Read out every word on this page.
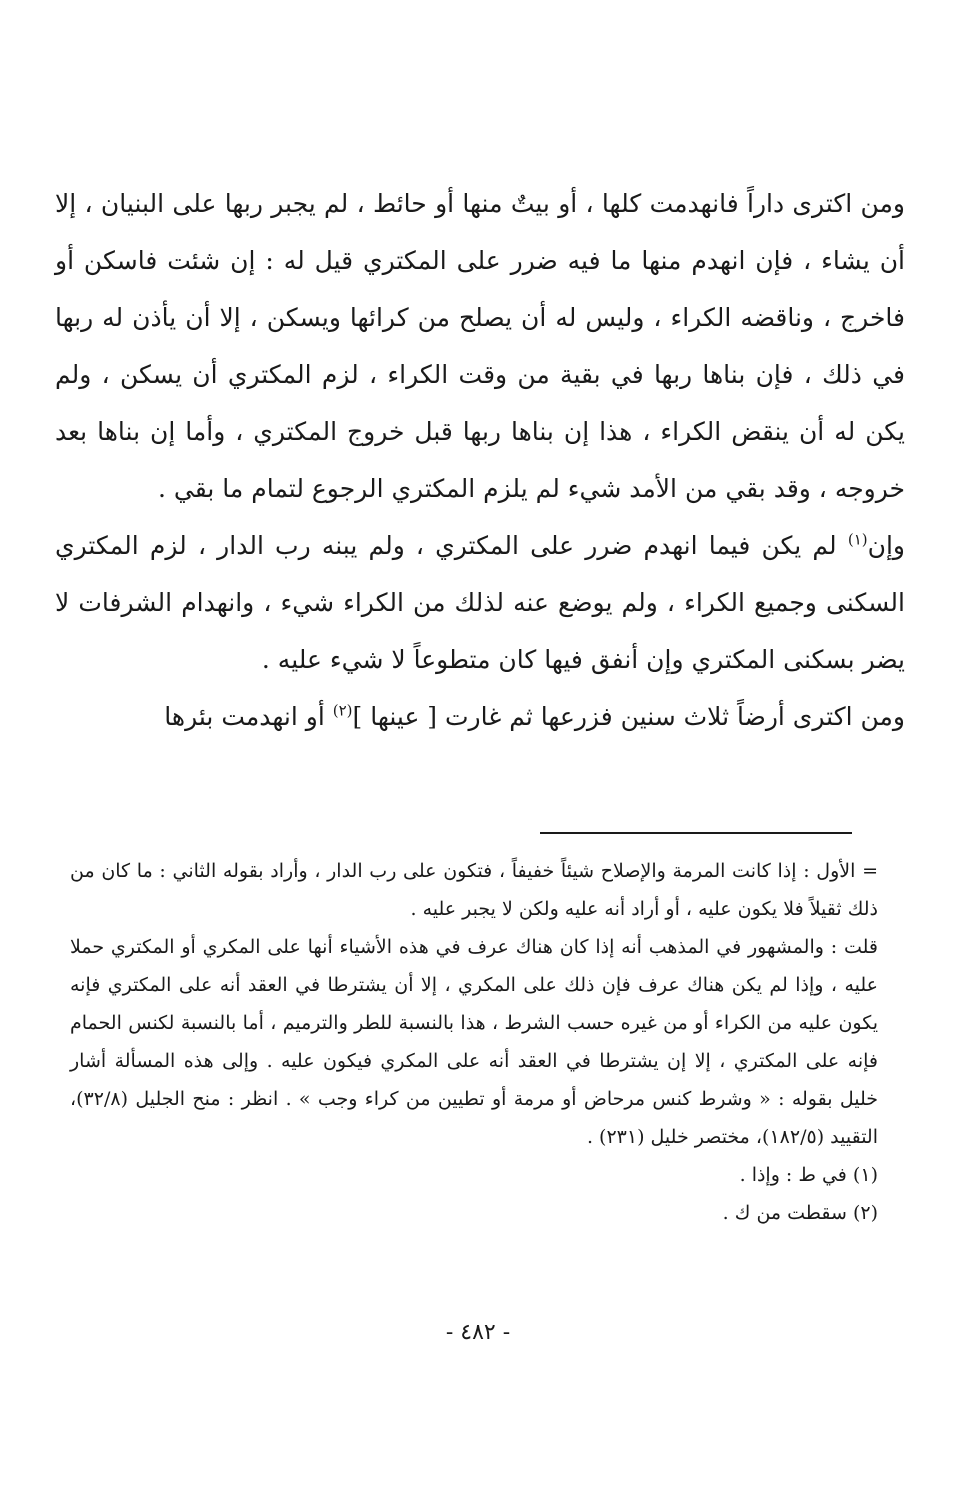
ومن اكترى داراً فانهدمت كلها ، أو بيتٌ منها أو حائط ، لم يجبر ربها على البنيان ، إلا أن يشاء ، فإن انهدم منها ما فيه ضرر على المكتري قيل له : إن شئت فاسكن أو فاخرج ، وناقضه الكراء ، وليس له أن يصلح من كرائها ويسكن ، إلا أن يأذن له ربها في ذلك ، فإن بناها ربها في بقية من وقت الكراء ، لزم المكتري أن يسكن ، ولم يكن له أن ينقض الكراء ، هذا إن بناها ربها قبل خروج المكتري ، وأما إن بناها بعد خروجه ، وقد بقي من الأمد شيء لم يلزم المكتري الرجوع لتمام ما بقي .

وإن$^{(١)}$ لم يكن فيما انهدم ضرر على المكتري ، ولم يبنه رب الدار ، لزم المكتري السكنى وجميع الكراء ، ولم يوضع عنه لذلك من الكراء شيء ، وانهدام الشرفات لا يضر بسكنى المكتري وإن أنفق فيها كان متطوعاً لا شيء عليه .

ومن اكترى أرضاً ثلاث سنين فزرعها ثم غارت [ عينها ]$^{(٢)}$ أو انهدمت بئرها

= الأول : إذا كانت المرمة والإصلاح شيئاً خفيفاً ، فتكون على رب الدار ، وأراد بقوله الثاني : ما كان من ذلك ثقيلاً فلا يكون عليه ، أو أراد أنه عليه ولكن لا يجبر عليه .

قلت : والمشهور في المذهب أنه إذا كان هناك عرف في هذه الأشياء أنها على المكري أو المكتري حملا عليه ، وإذا لم يكن هناك عرف فإن ذلك على المكري ، إلا أن يشترطا في العقد أنه على المكتري فإنه يكون عليه من الكراء أو من غيره حسب الشرط ، هذا بالنسبة للطر والترميم ، أما بالنسبة لكنس الحمام فإنه على المكتري ، إلا إن يشترطا في العقد أنه على المكري فيكون عليه . وإلى هذه المسألة أشار خليل بقوله : « وشرط كنس مرحاض أو مرمة أو تطيين من كراء وجب » . انظر : منح الجليل (٣٢/٨)، التقييد (١٨٢/٥)، مختصر خليل (٢٣١) .

(١) في ط : وإذا .

(٢) سقطت من ك .

- ٤٨٢ -
